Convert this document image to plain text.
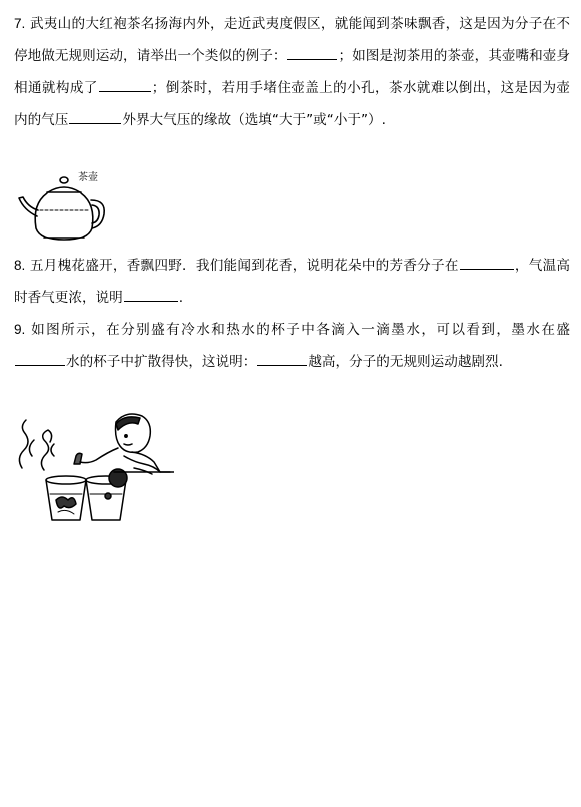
7. 武夷山的大红袍茶名扬海内外，走近武夷度假区，就能闻到茶味飘香，这是因为分子在不停地做无规则运动，请举出一个类似的例子：	；如图是沏茶用的茶壶，其壶嘴和壶身相通就构成了	；倒茶时，若用手堵住壶盖上的小孔，茶水就难以倒出，这是因为壶内的气压	外界大气压的缘故（选填“大于”或“小于”）.
茶壶
8. 五月槐花盛开，香飘四野．我们能闻到花香，说明花朵中的芳香分子在	，气温高时香气更浓，说明	.
9. 如图所示，在分别盛有冷水和热水的杯子中各滴入一滴墨水，可以看到，墨水在盛水的杯子中扩散得快，这说明：	越高，分子的无规则运动越剧烈.
